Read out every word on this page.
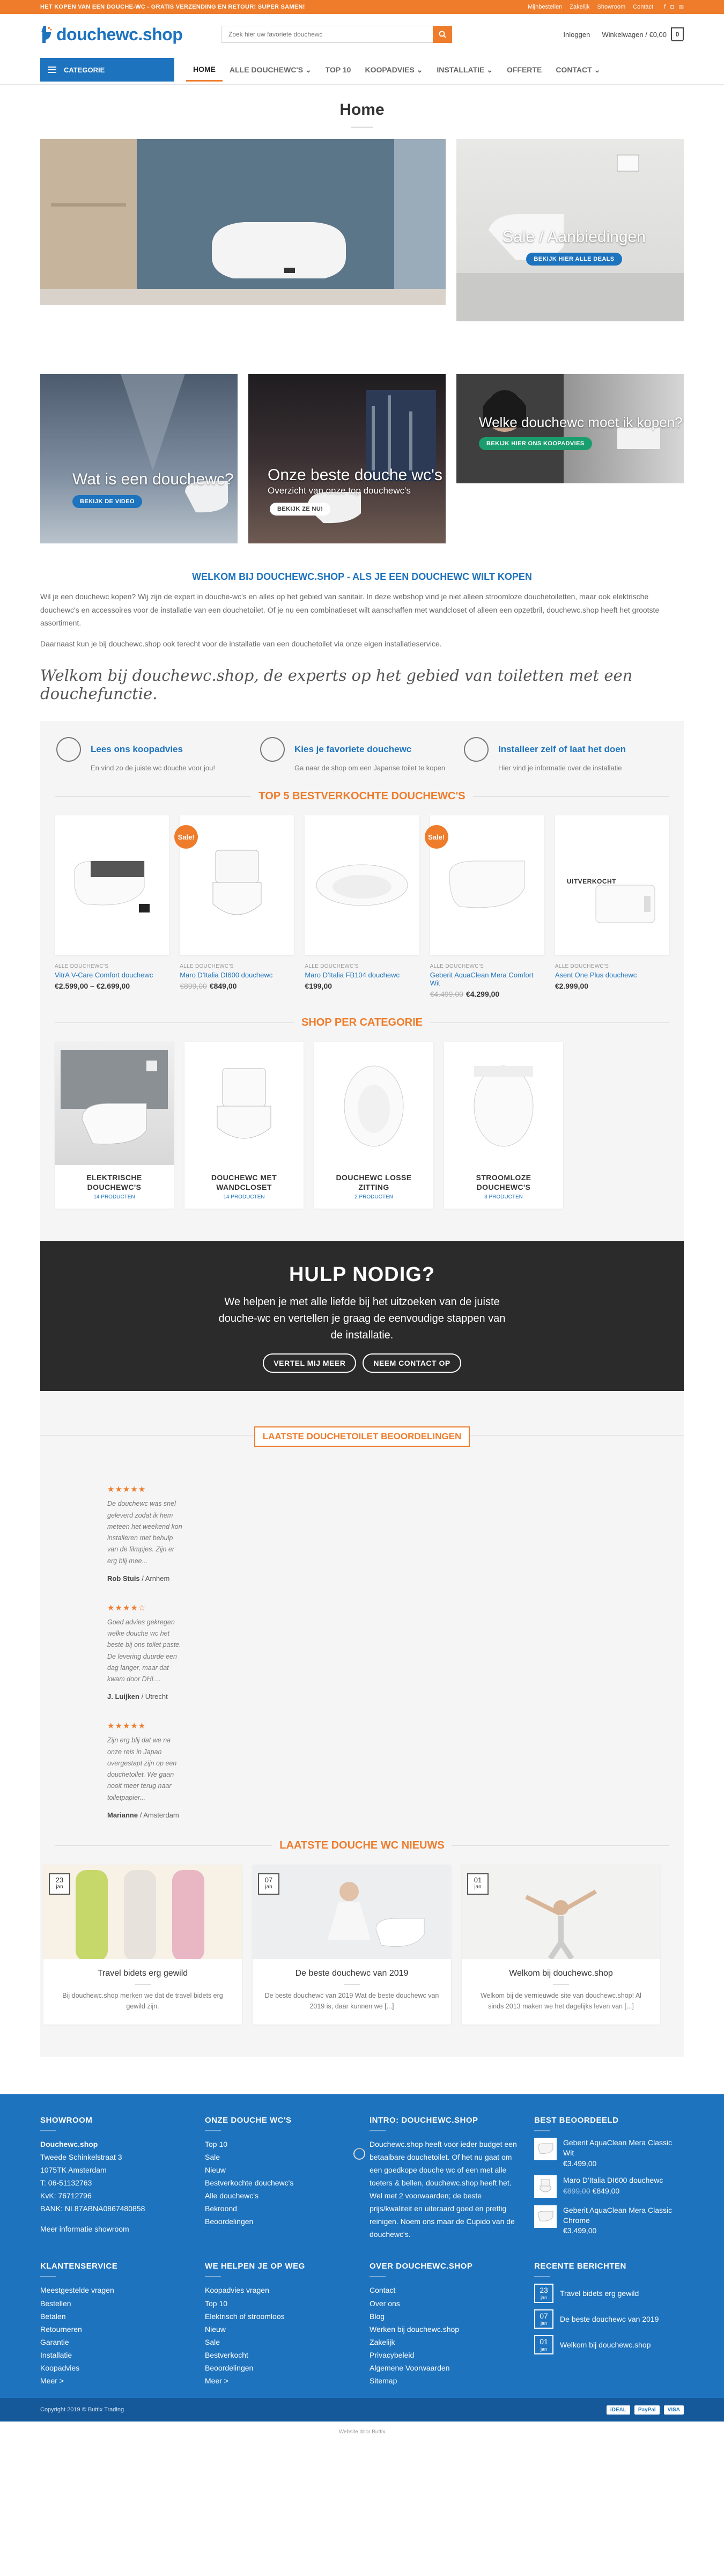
HET KOPEN VAN EEN DOUCHE-WC - GRATIS VERZENDING EN RETOUR! SUPER SAMEN!	Mijnbestellen Zakelijk Showroom Contact f ◘ ✉
douchewc.shop
Zoek hier uw favoriete douchewc	Inloggen Winkelwagen / €0,00	0
CATEGORIE	HOME	ALLE DOUCHEWC'S
⌄	TOP 10	KOOPADVIES
⌄ INSTALLATIE
⌄	OFFERTE	CONTACT
⌄
Home
Sale / Aanbiedingen
BEKIJK HIER ALLE DEALS
Wat is een douchewc?
BEKIJK DE VIDEO
Onze beste douche wc's

Overzicht van onze top douchewc's

BEKIJK ZE NU!
Welke douchewc moet ik kopen?
BEKIJK HIER ONS KOOPADVIES
WELKOM BIJ DOUCHEWC.SHOP - ALS JE EEN DOUCHEWC WILT KOPEN

Wil je een douchewc kopen? Wij zijn de expert in douche-wc's en alles op het gebied van sanitair. In deze webshop vind je niet alleen stroomloze douchetoiletten, maar ook elektrische douchewc's en accessoires voor de installatie van een douchetoilet. Of je nu een combinatieset wilt aanschaffen met wandcloset of alleen een opzetbril, douchewc.shop heeft het grootste assortiment.

Daarnaast kun je bij douchewc.shop ook terecht voor de installatie van een douchetoilet via onze eigen installatieservice.

Welkom bij douchewc.shop, de experts op het gebied van toiletten met een douchefunctie.
Lees ons koopadvies

En vind zo de juiste wc douche voor jou!

Kies je favoriete douchewc

Ga naar de shop om een Japanse toilet te kopen

Installeer zelf of laat het doen

Hier vind je informatie over de installatie

TOP 5 BESTVERKOCHTE DOUCHEWC'S
ALLE DOUCHEWC'S
VitrA V-Care Comfort douchewc
€2.599,00 – €2.699,00
Sale!
ALLE DOUCHEWC'S
Maro D'Italia DI600 douchewc
€899,00 €849,00
ALLE DOUCHEWC'S
Maro D'Italia FB104 douchewc
€199,00
Sale!
ALLE DOUCHEWC'S
Geberit AquaClean Mera Comfort Wit
€4.499,00 €4.299,00
UITVERKOCHT
ALLE DOUCHEWC'S
Asent One Plus douchewc
€2.999,00
SHOP PER CATEGORIE
ELEKTRISCHE DOUCHEWC'S
14 PRODUCTEN
DOUCHEWC MET WANDCLOSET
14 PRODUCTEN
DOUCHEWC LOSSE ZITTING
2 PRODUCTEN
STROOMLOZE DOUCHEWC'S
3 PRODUCTEN
HULP NODIG?

We helpen je met alle liefde bij het uitzoeken van de juiste douche-wc en vertellen je graag de eenvoudige stappen van de installatie.

VERTEL MIJ MEER	NEEM CONTACT OP
LAATSTE DOUCHETOILET BEOORDELINGEN
★★★★★

De douchewc was snel geleverd zodat ik hem meteen het weekend kon installeren met behulp van de filmpjes. Zijn er erg blij mee...

Rob Stuis / Arnhem
★★★★☆

Goed advies gekregen welke douche wc het beste bij ons toilet paste. De levering duurde een dag langer, maar dat kwam door DHL...

J. Luijken / Utrecht
★★★★★

Zijn erg blij dat we na onze reis in Japan overgestapt zijn op een douchetoilet. We gaan nooit meer terug naar toiletpapier...

Marianne / Amsterdam
LAATSTE DOUCHE WC NIEUWS
23
jan
Travel bidets erg gewild

Bij douchewc.shop merken we dat de travel bidets erg gewild zijn.

07
jan
De beste douchewc van 2019

De beste douchewc van 2019 Wat de beste douchewc van 2019 is, daar kunnen we [...]

01
jan
Welkom bij douchewc.shop

Welkom bij de vernieuwde site van douchewc.shop! Al sinds 2013 maken we het dagelijks leven van [...]

SHOWROOM
Douchewc.shop
Tweede Schinkelstraat 3
1075TK Amsterdam
T: 06-51132763
KvK: 76712796
BANK: NL87ABNA0867480858
Meer informatie showroom
ONZE DOUCHE WC'S
Top 10
Sale
Nieuw
Bestverkochte douchewc's
Alle douchewc's
Bekroond
Beoordelingen
INTRO: DOUCHEWC.SHOP
Douchewc.shop heeft voor ieder budget een betaalbare douchetoilet. Of het nu gaat om een goedkope douche wc of een met alle toeters & bellen, douchewc.shop heeft het. Wel met 2 voorwaarden; de beste prijs/kwaliteit en uiteraard goed en prettig reinigen. Noem ons maar de Cupido van de douchewc's.
BEST BEOORDEELD
Geberit AquaClean Mera Classic Wit
€3.499,00
Maro D'Italia DI600 douchewc
€899,00 €849,00
Geberit AquaClean Mera Classic Chrome
€3.499,00
KLANTENSERVICE
Meestgestelde vragen
Bestellen
Betalen
Retourneren
Garantie
Installatie
Koopadvies
Meer >
WE HELPEN JE OP WEG
Koopadvies vragen
Top 10
Elektrisch of stroomloos
Nieuw
Sale
Bestverkocht
Beoordelingen
Meer >
OVER DOUCHEWC.SHOP
Contact
Over ons
Blog
Werken bij douchewc.shop
Zakelijk
Privacybeleid
Algemene Voorwaarden
Sitemap
RECENTE BERICHTEN
23
jan	Travel bidets erg gewild
07
jan	De beste douchewc van 2019
01
jan	Welkom bij douchewc.shop
Copyright 2019 © Buttix Trading	iDEAL	PayPal	VISA
Website door Buttix
